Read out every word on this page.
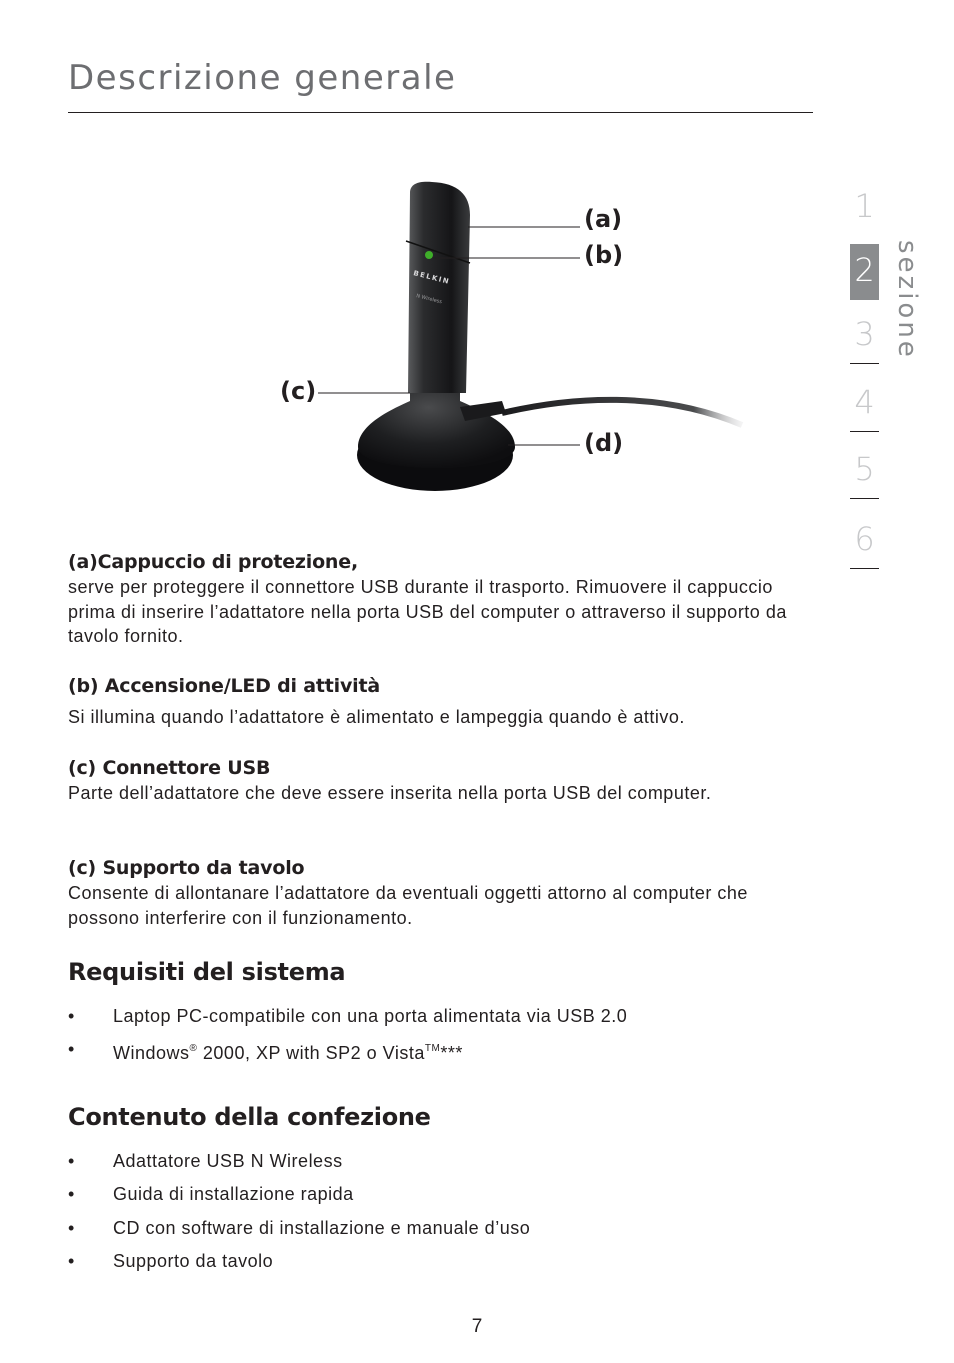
Descrizione generale
BELKIN
N Wireless

(a)

(b)

(c)

(d)

1
2
3
4
5
6
sezione

(a)Cappuccio di protezione,

serve per proteggere il connettore USB durante il trasporto. Rimuovere il cappuccio prima di inserire l’adattatore nella porta USB del computer o attraverso il supporto da tavolo fornito.

(b) Accensione/LED di attività

Si illumina quando l’adattatore è alimentato e lampeggia quando è attivo.

(c) Connettore USB

Parte dell’adattatore che deve essere inserita nella porta USB del computer.

(c) Supporto da tavolo

Consente di allontanare l’adattatore da eventuali oggetti attorno al computer che possono interferire con il funzionamento.

Requisiti del sistema
• Laptop PC-compatibile con una porta alimentata via USB 2.0
• Windows® 2000, XP with SP2 o Vista™***
Contenuto della confezione
• Adattatore USB N Wireless
• Guida di installazione rapida
• CD con software di installazione e manuale d’uso
• Supporto da tavolo

7
